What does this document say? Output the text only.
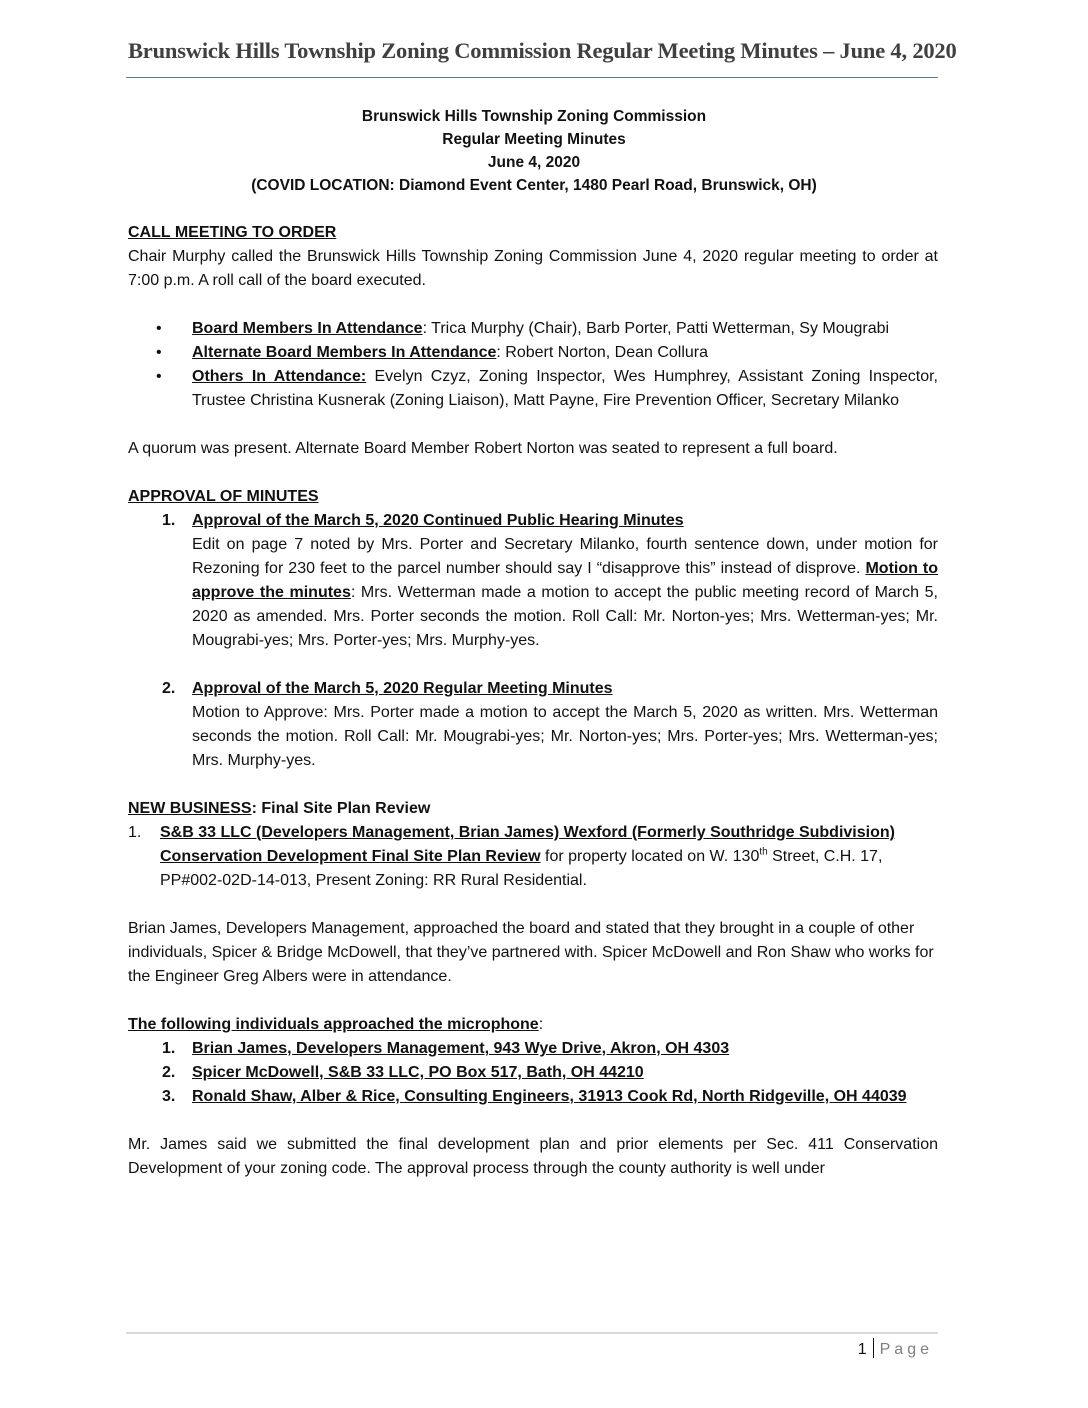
Brunswick Hills Township Zoning Commission Regular Meeting Minutes – June 4, 2020
Brunswick Hills Township Zoning Commission
Regular Meeting Minutes
June 4, 2020
(COVID LOCATION: Diamond Event Center, 1480 Pearl Road, Brunswick, OH)

CALL MEETING TO ORDER

Chair Murphy called the Brunswick Hills Township Zoning Commission June 4, 2020 regular meeting to order at 7:00 p.m. A roll call of the board executed.

• Board Members In Attendance: Trica Murphy (Chair), Barb Porter, Patti Wetterman, Sy Mougrabi
• Alternate Board Members In Attendance: Robert Norton, Dean Collura
• Others In Attendance: Evelyn Czyz, Zoning Inspector, Wes Humphrey, Assistant Zoning Inspector, Trustee Christina Kusnerak (Zoning Liaison), Matt Payne, Fire Prevention Officer, Secretary Milanko

A quorum was present. Alternate Board Member Robert Norton was seated to represent a full board.

APPROVAL OF MINUTES

1. Approval of the March 5, 2020 Continued Public Hearing Minutes
Edit on page 7 noted by Mrs. Porter and Secretary Milanko, fourth sentence down, under motion for Rezoning for 230 feet to the parcel number should say I “disapprove this” instead of disprove. Motion to approve the minutes: Mrs. Wetterman made a motion to accept the public meeting record of March 5, 2020 as amended. Mrs. Porter seconds the motion. Roll Call: Mr. Norton-yes; Mrs. Wetterman-yes; Mr. Mougrabi-yes; Mrs. Porter-yes; Mrs. Murphy-yes.
2. Approval of the March 5, 2020 Regular Meeting Minutes
Motion to Approve: Mrs. Porter made a motion to accept the March 5, 2020 as written. Mrs. Wetterman seconds the motion. Roll Call: Mr. Mougrabi-yes; Mr. Norton-yes; Mrs. Porter-yes; Mrs. Wetterman-yes; Mrs. Murphy-yes.

NEW BUSINESS: Final Site Plan Review

1. S&B 33 LLC (Developers Management, Brian James) Wexford (Formerly Southridge Subdivision) Conservation Development Final Site Plan Review for property located on W. 130th Street, C.H. 17, PP#002-02D-14-013, Present Zoning: RR Rural Residential.

Brian James, Developers Management, approached the board and stated that they brought in a couple of other individuals, Spicer & Bridge McDowell, that they’ve partnered with. Spicer McDowell and Ron Shaw who works for the Engineer Greg Albers were in attendance.

The following individuals approached the microphone:

1. Brian James, Developers Management, 943 Wye Drive, Akron, OH 4303
2. Spicer McDowell, S&B 33 LLC, PO Box 517, Bath, OH 44210
3. Ronald Shaw, Alber & Rice, Consulting Engineers, 31913 Cook Rd, North Ridgeville, OH 44039

Mr. James said we submitted the final development plan and prior elements per Sec. 411 Conservation Development of your zoning code. The approval process through the county authority is well under

1 Page
